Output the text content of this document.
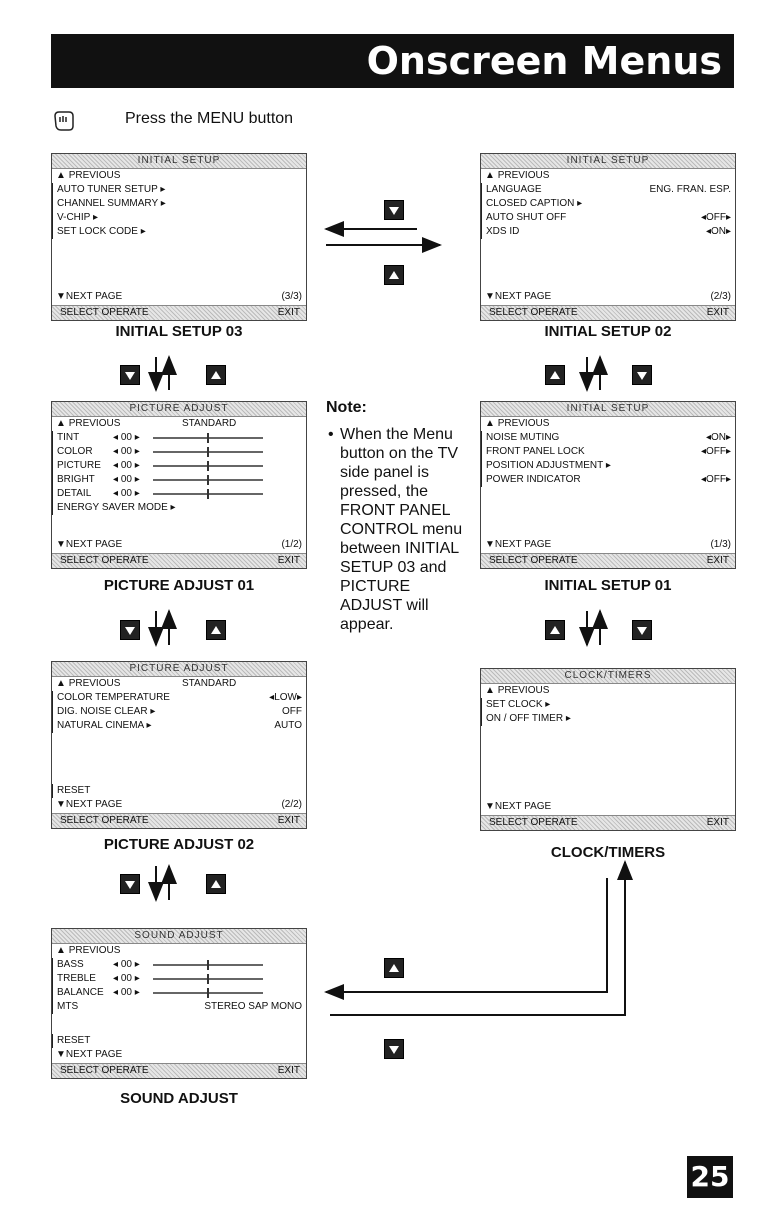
Onscreen Menus
Press the MENU button
INITIAL SETUP
▲ PREVIOUS
AUTO TUNER SETUP ▸
CHANNEL SUMMARY ▸
V-CHIP ▸
SET LOCK CODE ▸
▼NEXT PAGE	(3/3)
SELECT OPERATE	EXIT
INITIAL SETUP 03
INITIAL SETUP
▲ PREVIOUS
LANGUAGE	ENG. FRAN. ESP.
CLOSED CAPTION ▸
AUTO SHUT OFF	◂OFF▸
XDS ID	◂ON▸
▼NEXT PAGE	(2/3)
SELECT OPERATE	EXIT
INITIAL SETUP 02
PICTURE ADJUST
▲ PREVIOUS	STANDARD
TINT	◂ 00 ▸
COLOR ◂ 00 ▸
PICTURE ◂ 00 ▸
BRIGHT ◂ 00 ▸
DETAIL ◂ 00 ▸
ENERGY SAVER MODE ▸
▼NEXT PAGE	(1/2)
SELECT OPERATE	EXIT
PICTURE ADJUST 01
INITIAL SETUP
▲ PREVIOUS
NOISE MUTING	◂ON▸
FRONT PANEL LOCK	◂OFF▸
POSITION ADJUSTMENT ▸
POWER INDICATOR	◂OFF▸
▼NEXT PAGE	(1/3)
SELECT OPERATE	EXIT
INITIAL SETUP 01
Note:
• When the Menu button on the TV side panel is pressed, the FRONT PANEL CONTROL menu between INITIAL SETUP 03 and PICTURE ADJUST will appear.
PICTURE ADJUST
▲ PREVIOUS	STANDARD
COLOR TEMPERATURE	◂LOW▸
DIG. NOISE CLEAR ▸	OFF
NATURAL CINEMA ▸	AUTO
RESET
▼NEXT PAGE	(2/2)
SELECT OPERATE	EXIT
PICTURE ADJUST 02
CLOCK/TIMERS
▲ PREVIOUS
SET CLOCK ▸
ON / OFF TIMER ▸
▼NEXT PAGE
SELECT OPERATE	EXIT
CLOCK/TIMERS
SOUND ADJUST
▲ PREVIOUS
BASS	◂ 00 ▸
TREBLE ◂ 00 ▸
BALANCE ◂ 00 ▸
MTS	STEREO SAP MONO
RESET
▼NEXT PAGE
SELECT OPERATE	EXIT
SOUND ADJUST
25
